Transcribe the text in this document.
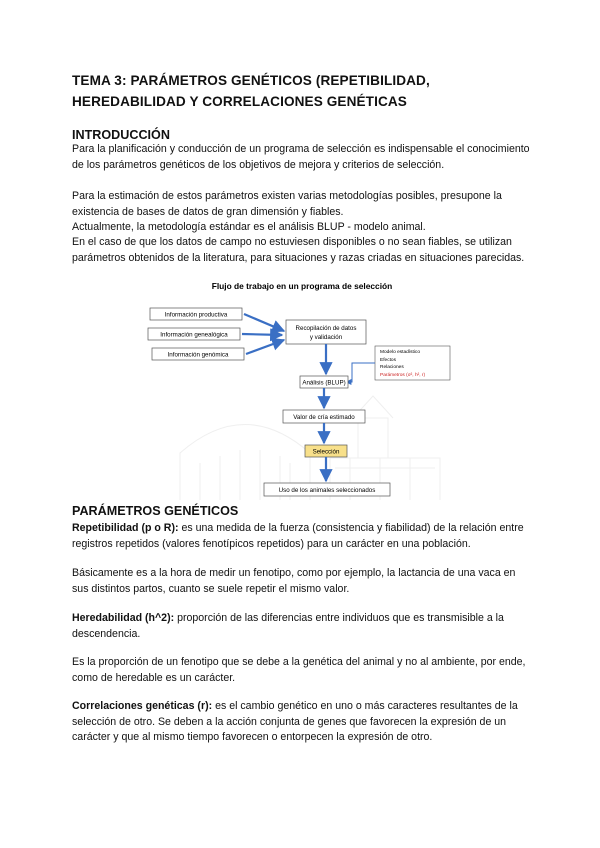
TEMA 3: PARÁMETROS GENÉTICOS (REPETIBILIDAD,
HEREDABILIDAD Y CORRELACIONES GENÉTICAS
INTRODUCCIÓN

Para la planificación y conducción de un programa de selección es indispensable el conocimiento de los parámetros genéticos de los objetivos de mejora y criterios de selección.

Para la estimación de estos parámetros existen varias metodologías posibles, presupone la existencia de bases de datos de gran dimensión y fiables.

Actualmente, la metodología estándar es el análisis BLUP - modelo animal.

En el caso de que los datos de campo no estuviesen disponibles o no sean fiables, se utilizan parámetros obtenidos de la literatura, para situaciones y razas criadas en situaciones parecidas.

Flujo de trabajo en un programa de selección
Información productiva
Información genealógica
Información genómica
Recopilación de datos
y validación
Modelo estadístico
Efectos
Relaciones
Parámetros (σ², h², r)
Análisis (BLUP)
Valor de cría estimado
Selección
Uso de los animales seleccionados
PARÁMETROS GENÉTICOS

Repetibilidad (p o R): es una medida de la fuerza (consistencia y fiabilidad) de la relación entre registros repetidos (valores fenotípicos repetidos) para un carácter en una población.

Básicamente es a la hora de medir un fenotipo, como por ejemplo, la lactancia de una vaca en sus distintos partos, cuanto se suele repetir el mismo valor.

Heredabilidad (h^2): proporción de las diferencias entre individuos que es transmisible a la descendencia.

Es la proporción de un fenotipo que se debe a la genética del animal y no al ambiente, por ende, como de heredable es un carácter.

Correlaciones genéticas (r): es el cambio genético en uno o más caracteres resultantes de la selección de otro. Se deben a la acción conjunta de genes que favorecen la expresión de un carácter y que al mismo tiempo favorecen o entorpecen la expresión de otro.
